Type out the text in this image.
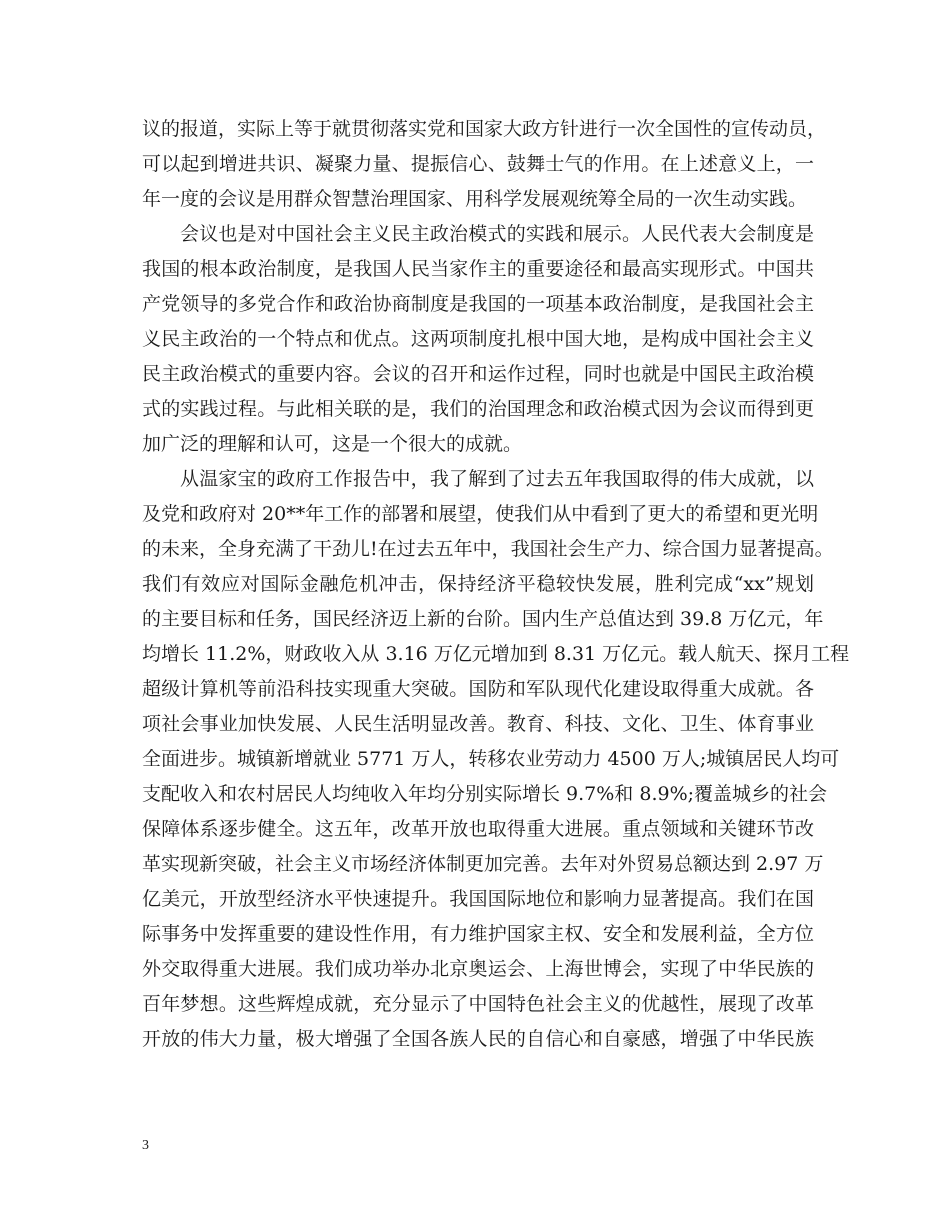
议的报道，实际上等于就贯彻落实党和国家大政方针进行一次全国性的宣传动员，
可以起到增进共识、凝聚力量、提振信心、鼓舞士气的作用。在上述意义上，一
年一度的会议是用群众智慧治理国家、用科学发展观统筹全局的一次生动实践。
会议也是对中国社会主义民主政治模式的实践和展示。人民代表大会制度是
我国的根本政治制度，是我国人民当家作主的重要途径和最高实现形式。中国共
产党领导的多党合作和政治协商制度是我国的一项基本政治制度，是我国社会主
义民主政治的一个特点和优点。这两项制度扎根中国大地，是构成中国社会主义
民主政治模式的重要内容。会议的召开和运作过程，同时也就是中国民主政治模
式的实践过程。与此相关联的是，我们的治国理念和政治模式因为会议而得到更
加广泛的理解和认可，这是一个很大的成就。
从温家宝的政府工作报告中，我了解到了过去五年我国取得的伟大成就，以
及党和政府对 20**年工作的部署和展望，使我们从中看到了更大的希望和更光明
的未来，全身充满了干劲儿!在过去五年中，我国社会生产力、综合国力显著提高。
我们有效应对国际金融危机冲击，保持经济平稳较快发展，胜利完成“xx”规划
的主要目标和任务，国民经济迈上新的台阶。国内生产总值达到 39.8 万亿元，年
均增长 11.2%，财政收入从 3.16 万亿元增加到 8.31 万亿元。载人航天、探月工程
超级计算机等前沿科技实现重大突破。国防和军队现代化建设取得重大成就。各
项社会事业加快发展、人民生活明显改善。教育、科技、文化、卫生、体育事业
全面进步。城镇新增就业 5771 万人，转移农业劳动力 4500 万人;城镇居民人均可
支配收入和农村居民人均纯收入年均分别实际增长 9.7%和 8.9%;覆盖城乡的社会
保障体系逐步健全。这五年，改革开放也取得重大进展。重点领域和关键环节改
革实现新突破，社会主义市场经济体制更加完善。去年对外贸易总额达到 2.97 万
亿美元，开放型经济水平快速提升。我国国际地位和影响力显著提高。我们在国
际事务中发挥重要的建设性作用，有力维护国家主权、安全和发展利益，全方位
外交取得重大进展。我们成功举办北京奥运会、上海世博会，实现了中华民族的
百年梦想。这些辉煌成就，充分显示了中国特色社会主义的优越性，展现了改革
开放的伟大力量，极大增强了全国各族人民的自信心和自豪感，增强了中华民族
3
